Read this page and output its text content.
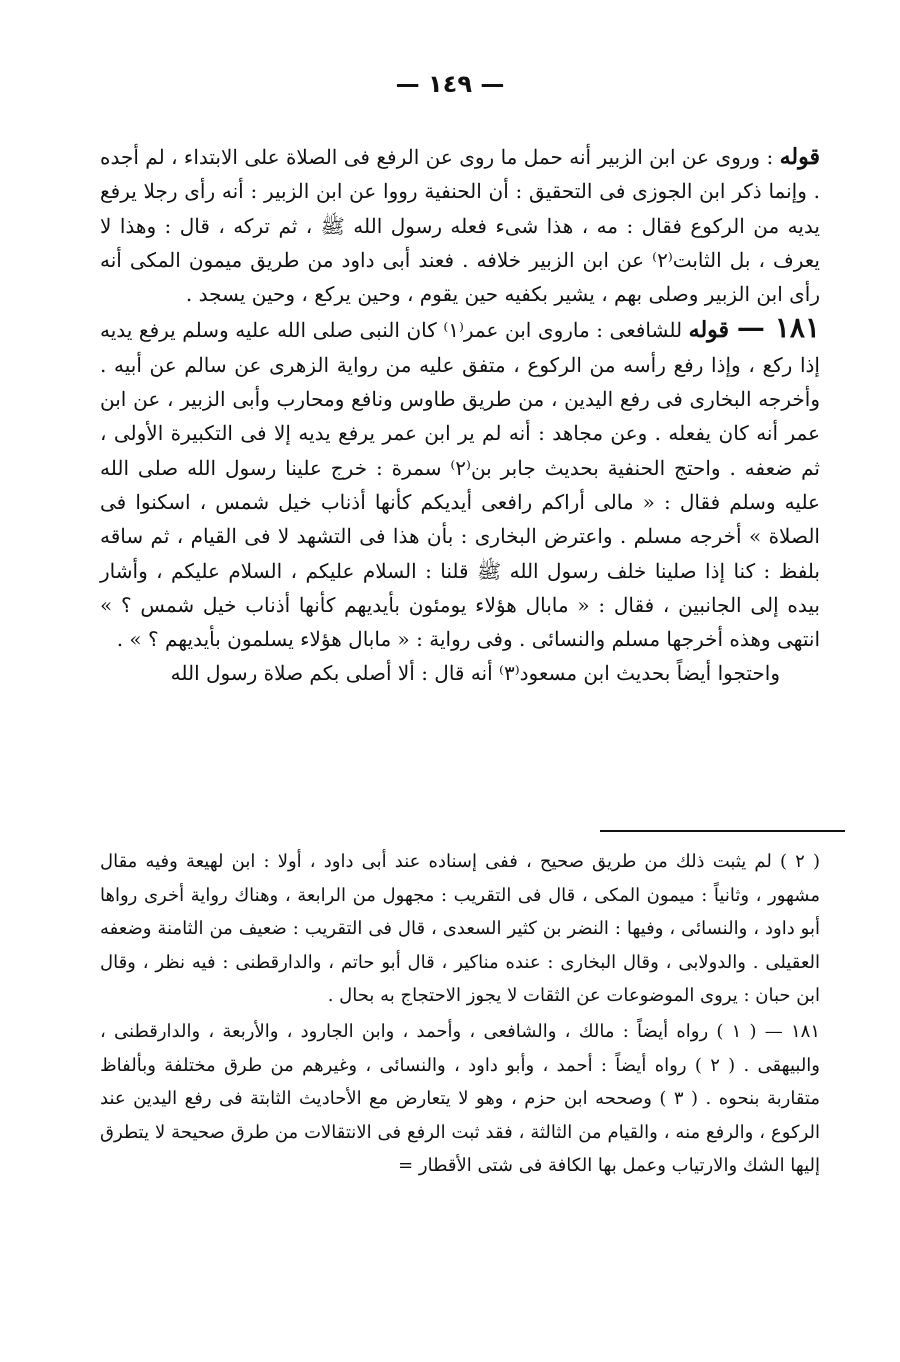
— ١٤٩ —

قوله : وروى عن ابن الزبير أنه حمل ما روى عن الرفع فى الصلاة على الابتداء ، لم أجده . وإنما ذكر ابن الجوزى فى التحقيق : أن الحنفية رووا عن ابن الزبير : أنه رأى رجلا يرفع يديه من الركوع فقال : مه ، هذا شىء فعله رسول الله ﷺ ، ثم تركه ، قال : وهذا لا يعرف ، بل الثابت⁽٢⁾ عن ابن الزبير خلافه . فعند أبى داود من طريق ميمون المكى أنه رأى ابن الزبير وصلى بهم ، يشير بكفيه حين يقوم ، وحين يركع ، وحين يسجد .

١٨١ — قوله للشافعى : ماروى ابن عمر⁽١⁾ كان النبى صلى الله عليه وسلم يرفع يديه إذا ركع ، وإذا رفع رأسه من الركوع ، متفق عليه من رواية الزهرى عن سالم عن أبيه . وأخرجه البخارى فى رفع اليدين ، من طريق طاوس ونافع ومحارب وأبى الزبير ، عن ابن عمر أنه كان يفعله . وعن مجاهد : أنه لم ير ابن عمر يرفع يديه إلا فى التكبيرة الأولى ، ثم ضعفه . واحتج الحنفية بحديث جابر بن⁽٢⁾ سمرة : خرج علينا رسول الله صلى الله عليه وسلم فقال : « مالى أراكم رافعى أيديكم كأنها أذناب خيل شمس ، اسكنوا فى الصلاة » أخرجه مسلم . واعترض البخارى : بأن هذا فى التشهد لا فى القيام ، ثم ساقه بلفظ : كنا إذا صلينا خلف رسول الله ﷺ قلنا : السلام عليكم ، السلام عليكم ، وأشار بيده إلى الجانبين ، فقال : « مابال هؤلاء يومئون بأيديهم كأنها أذناب خيل شمس ؟ » انتهى وهذه أخرجها مسلم والنسائى . وفى رواية : « مابال هؤلاء يسلمون بأيديهم ؟ » .

واحتجوا أيضاً بحديث ابن مسعود⁽٣⁾ أنه قال : ألا أصلى بكم صلاة رسول الله

( ٢ ) لم يثبت ذلك من طريق صحيح ، ففى إسناده عند أبى داود ، أولا : ابن لهيعة وفيه مقال مشهور ، وثانياً : ميمون المكى ، قال فى التقريب : مجهول من الرابعة ، وهناك رواية أخرى رواها أبو داود ، والنسائى ، وفيها : النضر بن كثير السعدى ، قال فى التقريب : ضعيف من الثامنة وضعفه العقيلى . والدولابى ، وقال البخارى : عنده مناكير ، قال أبو حاتم ، والدارقطنى : فيه نظر ، وقال ابن حبان : يروى الموضوعات عن الثقات لا يجوز الاحتجاج به بحال .

١٨١ — ( ١ ) رواه أيضاً : مالك ، والشافعى ، وأحمد ، وابن الجارود ، والأربعة ، والدارقطنى ، والبيهقى . ( ٢ ) رواه أيضاً : أحمد ، وأبو داود ، والنسائى ، وغيرهم من طرق مختلفة وبألفاظ متقاربة بنحوه . ( ٣ ) وصححه ابن حزم ، وهو لا يتعارض مع الأحاديث الثابتة فى رفع اليدين عند الركوع ، والرفع منه ، والقيام من الثالثة ، فقد ثبت الرفع فى الانتقالات من طرق صحيحة لا يتطرق إليها الشك والارتياب وعمل بها الكافة فى شتى الأقطار =
